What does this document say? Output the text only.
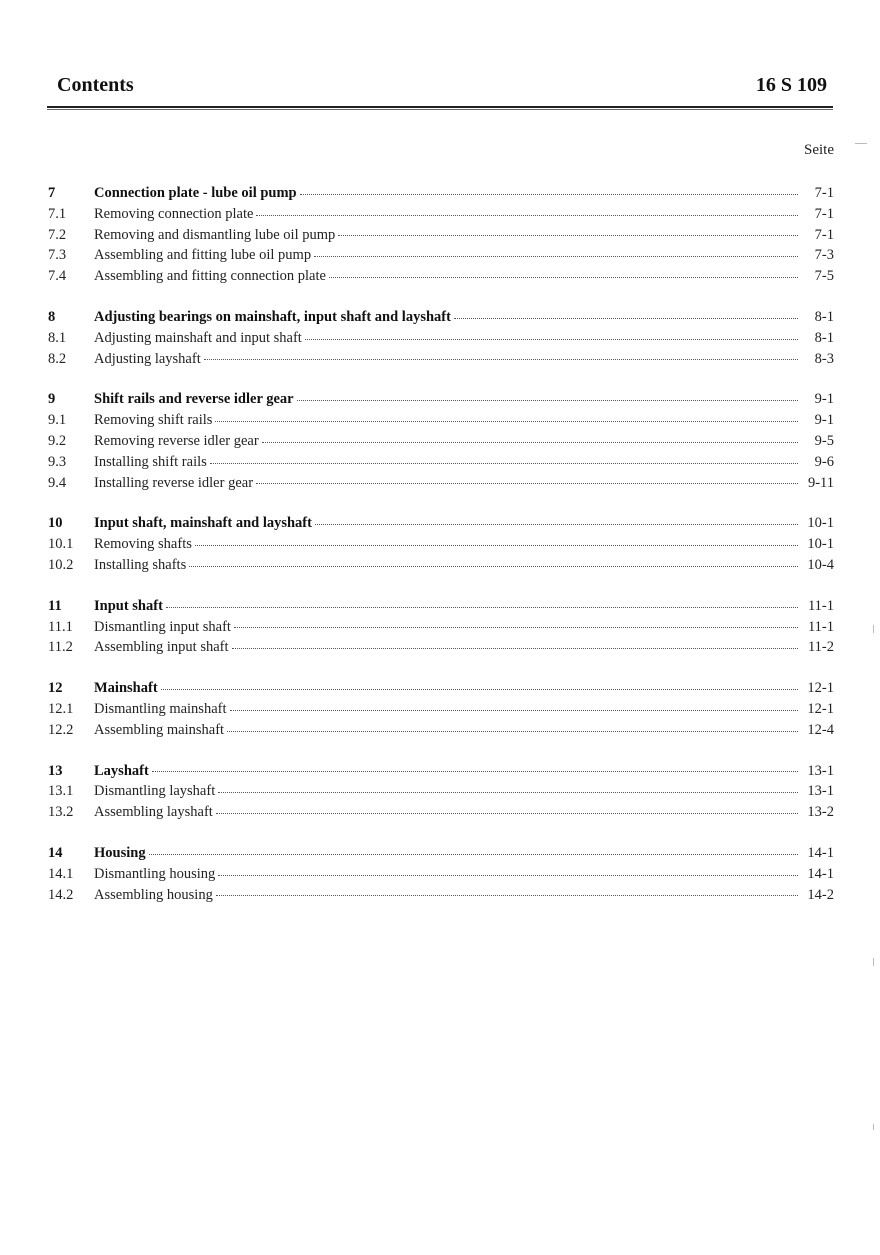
Contents	16 S 109
Seite
7	Connection plate - lube oil pump	7-1
7.1	Removing connection plate	7-1
7.2	Removing and dismantling lube oil pump	7-1
7.3	Assembling and fitting lube oil pump	7-3
7.4	Assembling and fitting connection plate	7-5
8	Adjusting bearings on mainshaft, input shaft and layshaft	8-1
8.1	Adjusting mainshaft and input shaft	8-1
8.2	Adjusting layshaft	8-3
9	Shift rails and reverse idler gear	9-1
9.1	Removing shift rails	9-1
9.2	Removing reverse idler gear	9-5
9.3	Installing shift rails	9-6
9.4	Installing reverse idler gear	9-11
10	Input shaft, mainshaft and layshaft	10-1
10.1	Removing shafts	10-1
10.2	Installing shafts	10-4
11	Input shaft	11-1
11.1	Dismantling input shaft	11-1
11.2	Assembling input shaft	11-2
12	Mainshaft	12-1
12.1	Dismantling mainshaft	12-1
12.2	Assembling mainshaft	12-4
13	Layshaft	13-1
13.1	Dismantling layshaft	13-1
13.2	Assembling layshaft	13-2
14	Housing	14-1
14.1	Dismantling housing	14-1
14.2	Assembling housing	14-2
